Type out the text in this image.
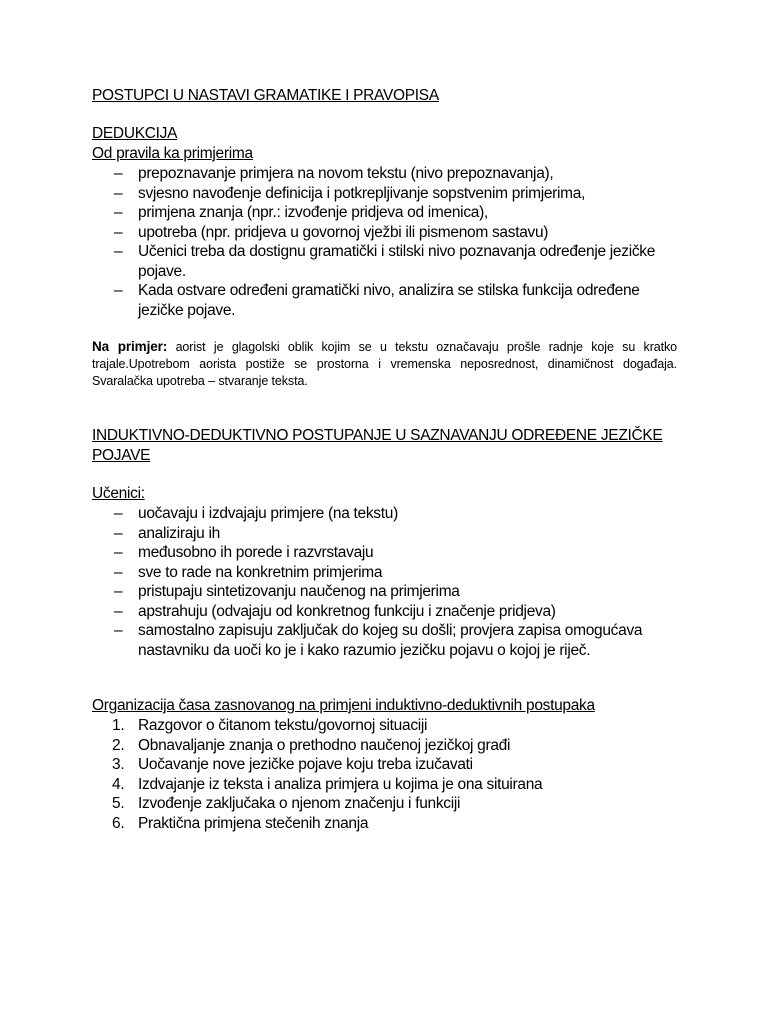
POSTUPCI U NASTAVI GRAMATIKE I PRAVOPISA
DEDUKCIJA
Od pravila ka primjerima
– prepoznavanje primjera na novom tekstu (nivo prepoznavanja),
– svjesno navođenje definicija i potkrepljivanje sopstvenim primjerima,
– primjena znanja (npr.: izvođenje pridjeva od imenica),
– upotreba (npr. pridjeva u govornoj vježbi ili pismenom sastavu)
– Učenici treba da dostignu gramatički i stilski nivo poznavanja određenje jezičke pojave.
– Kada ostvare određeni gramatički nivo, analizira se stilska funkcija određene jezičke pojave.

Na primjer: aorist je glagolski oblik kojim se u tekstu označavaju prošle radnje koje su kratko trajale.Upotrebom aorista postiže se prostorna i vremenska neposrednost, dinamičnost događaja. Svaralačka upotreba – stvaranje teksta.

INDUKTIVNO-DEDUKTIVNO POSTUPANJE U SAZNAVANJU ODREĐENE JEZIČKE POJAVE
Učenici:
– uočavaju i izdvajaju primjere (na tekstu)
– analiziraju ih
– međusobno ih porede i razvrstavaju
– sve to rade na konkretnim primjerima
– pristupaju sintetizovanju naučenog na primjerima
– apstrahuju (odvajaju od konkretnog funkciju i značenje pridjeva)
– samostalno zapisuju zaključak do kojeg su došli; provjera zapisa omogućava nastavniku da uoči ko je i kako razumio jezičku pojavu o kojoj je riječ.
Organizacija časa zasnovanog na primjeni induktivno-deduktivnih postupaka
1. Razgovor o čitanom tekstu/govornoj situaciji
2. Obnavaljanje znanja o prethodno naučenoj jezičkoj građi
3. Uočavanje nove jezičke pojave koju treba izučavati
4. Izdvajanje iz teksta i analiza primjera u kojima je ona situirana
5. Izvođenje zaključaka o njenom značenju i funkciji
6. Praktična primjena stečenih znanja
